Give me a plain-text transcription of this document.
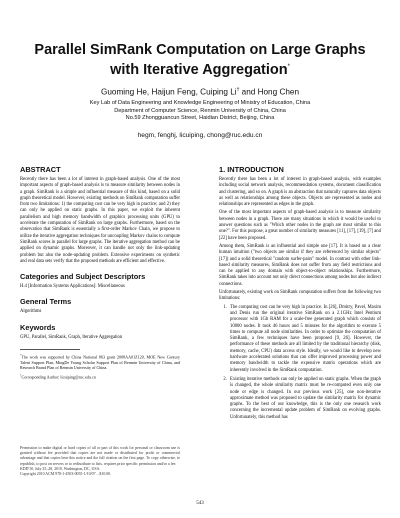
Parallel SimRank Computation on Large Graphs with Iterative Aggregation*
Guoming He, Haijun Feng, Cuiping Li† and Hong Chen
Key Lab of Data Engineering and Knowledge Engineering of Ministry of Education, China
Department of Computer Science, Renmin University of China, China
No.59 Zhongguancun Street, Haidian District, Beijing, China
hegm, fenghj, licuiping, chong@ruc.edu.cn
ABSTRACT

Recently there has been a lot of interest in graph-based analysis. One of the most important aspects of graph-based analysis is to measure similarity between nodes in a graph. SimRank is a simple and influential measure of this kind, based on a solid graph theoretical model. However, existing methods on SimRank computation suffer from two limitations: 1) the computing cost can be very high in practice; and 2) they can only be applied on static graphs. In this paper, we exploit the inherent parallelism and high memory bandwidth of graphics processing units (GPU) to accelerate the computation of SimRank on large graphs. Furthermore, based on the observation that SimRank is essentially a first-order Markov Chain, we propose to utilize the iterative aggregation techniques for uncoupling Markov chains to compute SimRank scores in parallel for large graphs. The iterative aggregation method can be applied on dynamic graphs. Moreover, it can handle not only the link-updating problem but also the node-updating problem. Extensive experiments on synthetic and real data sets verify that the proposed methods are efficient and effective.

Categories and Subject Descriptors

H.4 [Information Systems Applications]: Miscellaneous

General Terms

Algorithms

Keywords

GPU, Parallel, SimRank, Graph, Iterative Aggregation

*The work was supported by China National 863 grant 2008AA01Z120, MOE New Century Talent Support Plan, MingDe Young Scholar Support Plan of Renmin University of China, and Research Brand Plan of Renmin University of China.

†Corresponding Author: licuiping@ruc.edu.cn

Permission to make digital or hard copies of all or part of this work for personal or classroom use is granted without fee provided that copies are not made or distributed for profit or commercial advantage and that copies bear this notice and the full citation on the first page. To copy otherwise, to republish, to post on servers or to redistribute to lists, requires prior specific permission and/or a fee.

KDD'10, July 25–28, 2010, Washington, DC, USA.

Copyright 2010 ACM 978-1-4503-0055-1/10/07 ...$10.00.

1. INTRODUCTION

Recently there has been a lot of interest in graph-based analysis, with examples including social network analysis, recommendation systems, document classification and clustering, and so on. A graph is an abstraction that naturally captures data objects as well as relationships among these objects. Objects are represented as nodes and relationships are represented as edges in the graph.

One of the most important aspects of graph-based analysis is to measure similarity between nodes in a graph. There are many situations in which it would be useful to answer questions such as "Which other nodes in the graph are most similar to this one?". For this purpose, a great number of similarity measures [11], [17], [19], [7] and [22] have been proposed.

Among them, SimRank is an influential and simple one [17]. It is based on a clear human intuition ("two objects are similar if they are referenced by similar objects" [17]) and a solid theoretical "random surfer-pairs" model. In contrast with other link-based similarity measures, SimRank does not suffer from any field restrictions and can be applied to any domain with object-to-object relationships. Furthermore, SimRank takes into account not only direct connections among nodes but also indirect connections.

Unfortunately, existing work on SimRank computation suffers from the following two limitations:

1. The computing cost can be very high in practice. In [26], Dmitry, Pavel, Maxim and Denis run the original iterative SimRank on a 2.1GHz Intel Pentium processor with 1Gb RAM for a scale-free generated graph which consists of 10000 nodes. It took 46 hours and 5 minutes for the algorithm to execute 5 times to compute all node similarities. In order to optimize the computation of SimRank, a few techniques have been proposed [9, 26]. However, the performance of these methods are all limited by the traditional hierarchy (disk, memory, cache, CPU) data access style. Ideally, we would like to develop new hardware accelerated solutions that can offer improved processing power and memory bandwidth to tackle the expensive matrix operations which are inherently involved in the SimRank computation.
2. Existing iterative methods can only be applied on static graphs. When the graph is changed, the whole similarity matrix must be re-computed even only one node or edge is changed. In our previous work [25], one non-iterative approximate method was proposed to update the similarity matrix for dynamic graphs. To the best of our knowledge, this is the only one research work concerning the incremental update problem of SimRank on evolving graphs. Unfortunately, this method has
543
